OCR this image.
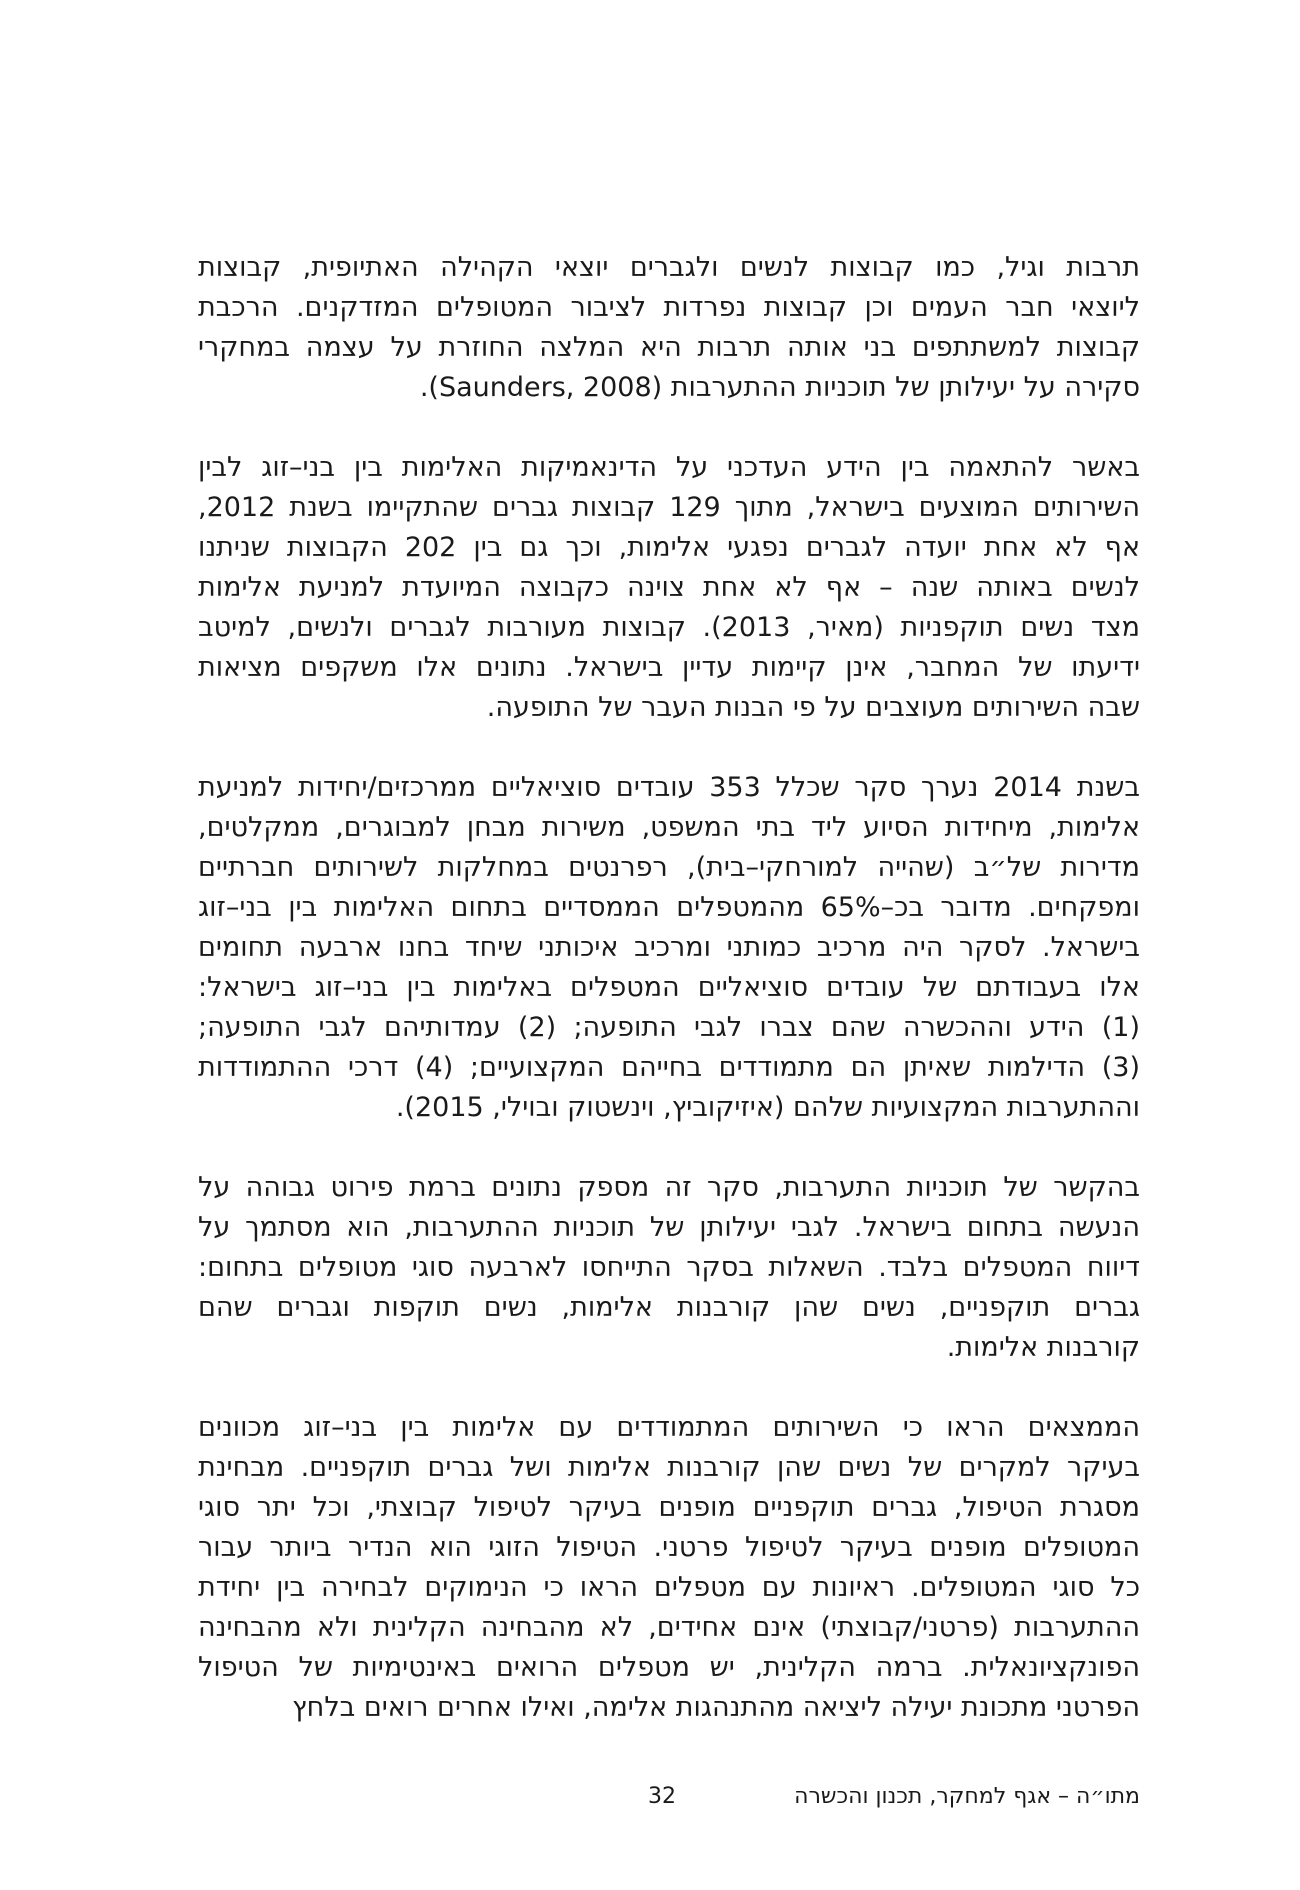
תרבות וגיל, כמו קבוצות לנשים ולגברים יוצאי הקהילה האתיופית, קבוצות
ליוצאי חבר העמים וכן קבוצות נפרדות לציבור המטופלים המזדקנים. הרכבת
קבוצות למשתתפים בני אותה תרבות היא המלצה החוזרת על עצמה במחקרי
סקירה על יעילותן של תוכניות ההתערבות (Saunders, 2008).

באשר להתאמה בין הידע העדכני על הדינאמיקות האלימות בין בני–זוג לבין
השירותים המוצעים בישראל, מתוך 129 קבוצות גברים שהתקיימו בשנת 2012,
אף לא אחת יועדה לגברים נפגעי אלימות, וכך גם בין 202 הקבוצות שניתנו
לנשים באותה שנה – אף לא אחת צוינה כקבוצה המיועדת למניעת אלימות
מצד נשים תוקפניות (מאיר, 2013). קבוצות מעורבות לגברים ולנשים, למיטב
ידיעתו של המחבר, אינן קיימות עדיין בישראל. נתונים אלו משקפים מציאות
שבה השירותים מעוצבים על פי הבנות העבר של התופעה.

בשנת 2014 נערך סקר שכלל 353 עובדים סוציאליים ממרכזים/יחידות למניעת
אלימות, מיחידות הסיוע ליד בתי המשפט, משירות מבחן למבוגרים, ממקלטים,
מדירות של״ב (שהייה למורחקי–בית), רפרנטים במחלקות לשירותים חברתיים
ומפקחים. מדובר בכ–65% מהמטפלים הממסדיים בתחום האלימות בין בני–זוג
בישראל. לסקר היה מרכיב כמותני ומרכיב איכותני שיחד בחנו ארבעה תחומים
אלו בעבודתם של עובדים סוציאליים המטפלים באלימות בין בני–זוג בישראל:
(1) הידע וההכשרה שהם צברו לגבי התופעה; (2) עמדותיהם לגבי התופעה;
(3) הדילמות שאיתן הם מתמודדים בחייהם המקצועיים; (4) דרכי ההתמודדות
וההתערבות המקצועיות שלהם (איזיקוביץ, וינשטוק ובוילי, 2015).

בהקשר של תוכניות התערבות, סקר זה מספק נתונים ברמת פירוט גבוהה על
הנעשה בתחום בישראל. לגבי יעילותן של תוכניות ההתערבות, הוא מסתמך על
דיווח המטפלים בלבד. השאלות בסקר התייחסו לארבעה סוגי מטופלים בתחום:
גברים תוקפניים, נשים שהן קורבנות אלימות, נשים תוקפות וגברים שהם
קורבנות אלימות.

הממצאים הראו כי השירותים המתמודדים עם אלימות בין בני–זוג מכוונים
בעיקר למקרים של נשים שהן קורבנות אלימות ושל גברים תוקפניים. מבחינת
מסגרת הטיפול, גברים תוקפניים מופנים בעיקר לטיפול קבוצתי, וכל יתר סוגי
המטופלים מופנים בעיקר לטיפול פרטני. הטיפול הזוגי הוא הנדיר ביותר עבור
כל סוגי המטופלים. ראיונות עם מטפלים הראו כי הנימוקים לבחירה בין יחידת
ההתערבות (פרטני/קבוצתי) אינם אחידים, לא מהבחינה הקלינית ולא מהבחינה
הפונקציונאלית. ברמה הקלינית, יש מטפלים הרואים באינטימיות של הטיפול
הפרטני מתכונת יעילה ליציאה מהתנהגות אלימה, ואילו אחרים רואים בלחץ

מתו״ה – אגף למחקר, תכנון והכשרה
32
